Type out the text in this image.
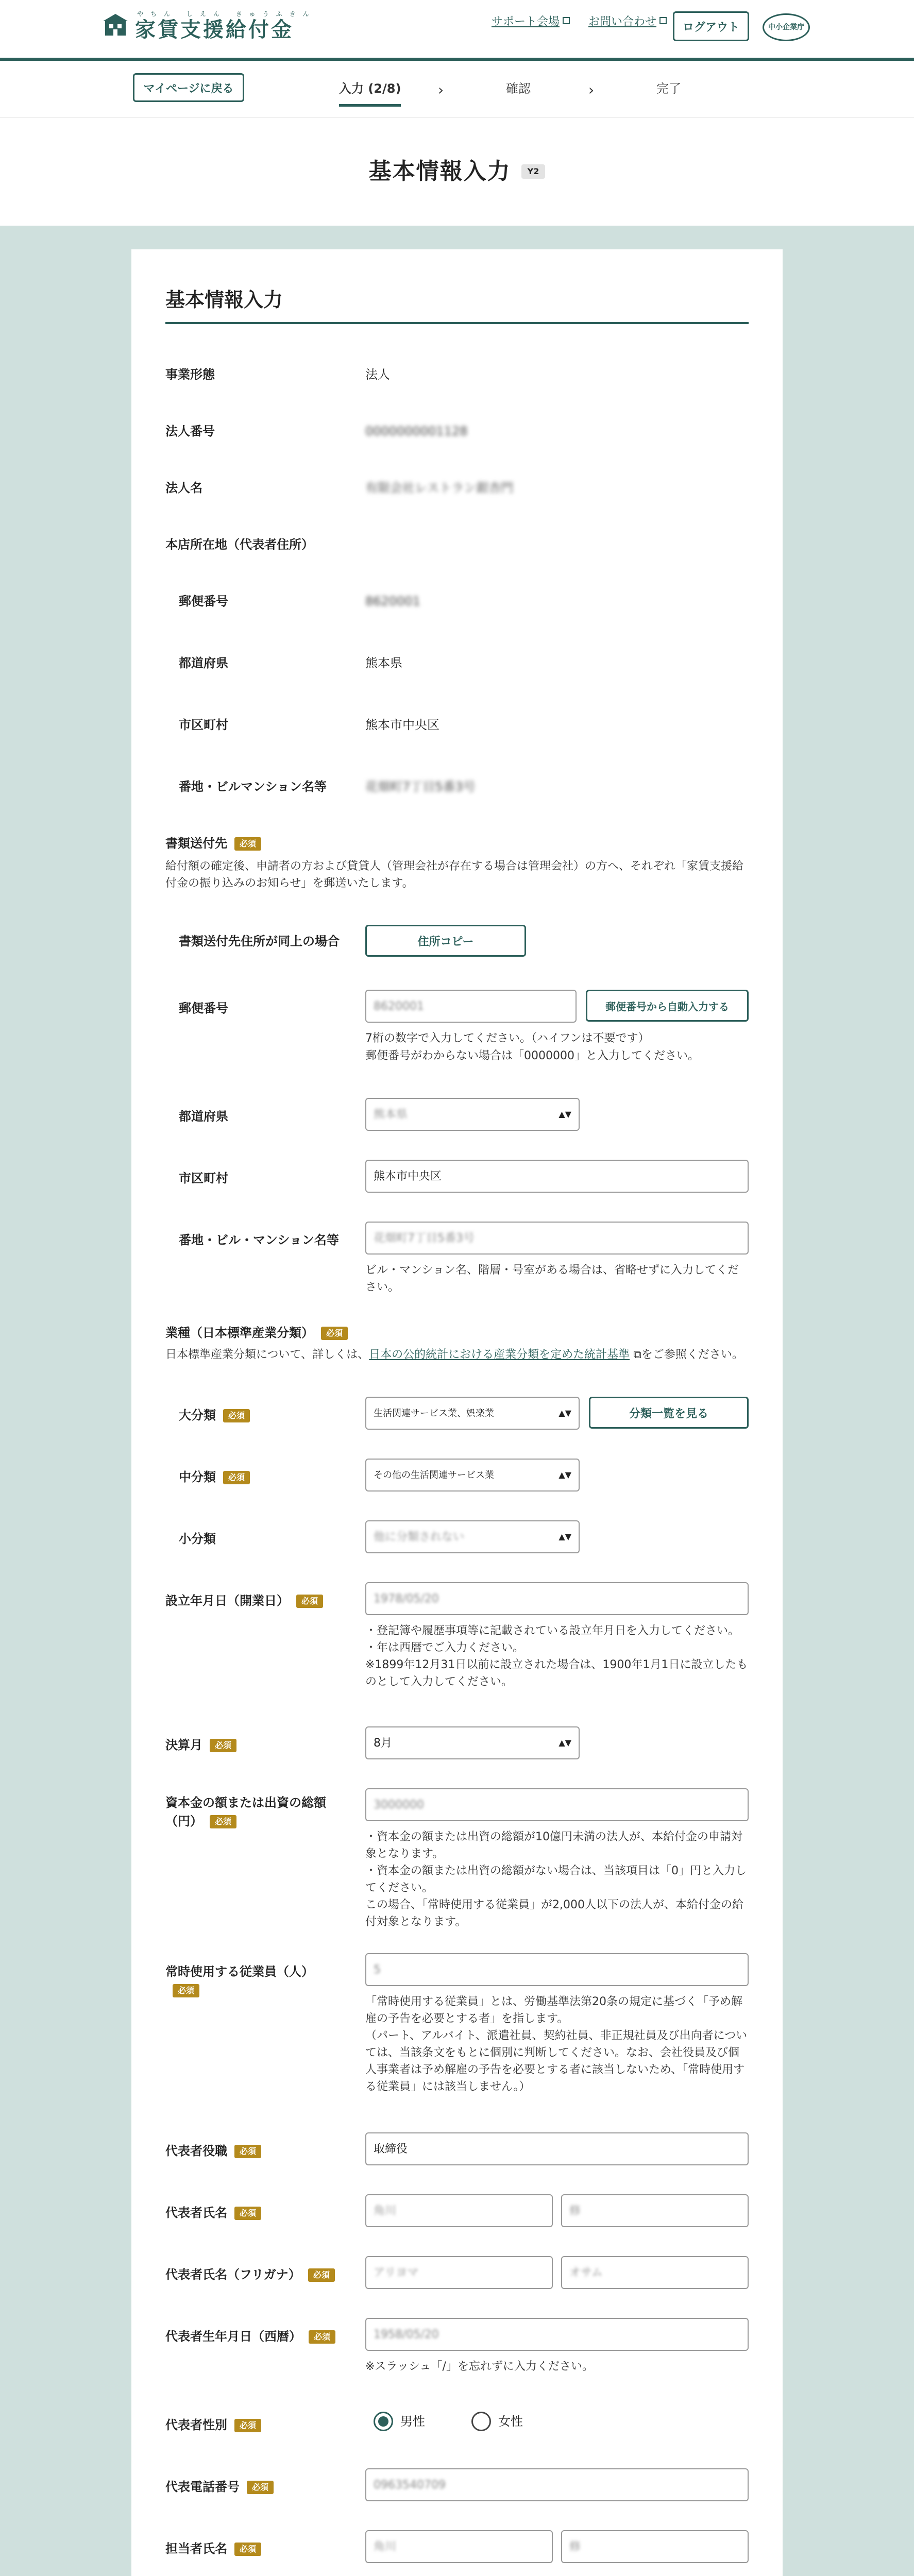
やちん しえん きゅうふきん
家賃支援給付金	サポート会場	お問い合わせ	ログアウト	中小企業庁
マイページに戻る	入力 (2/8)	›	確認	›	完了
基本情報入力	Y2
基本情報入力
事業形態	法人
法人番号	0000000001128
法人名	有限会社レストラン銀杏門
本店所在地（代表者住所）
郵便番号	8620001
都道府県	熊本県
市区町村	熊本市中央区
番地・ビルマンション名等	花畑町7丁目5番3号
書類送付先 必須
給付額の確定後、申請者の方および貸貸人（管理会社が存在する場合は管理会社）の方へ、それぞれ「家賃支援給付金の振り込みのお知らせ」を郵送いたします。
書類送付先住所が同上の場合	住所コピー
郵便番号	8620001	郵便番号から自動入力する
7桁の数字で入力してください。（ハイフンは不要です）
郵便番号がわからない場合は「0000000」と入力してください。
都道府県	熊本県	▲▼
市区町村	熊本市中央区
番地・ビル・マンション名等	花畑町7丁目5番3号
ビル・マンション名、階層・号室がある場合は、省略せずに入力してください。
業種（日本標準産業分類） 必須
日本標準産業分類について、詳しくは、日本の公的統計における産業分類を定めた統計基準 ⧉をご参照ください。
大分類 必須	生活関連サービス業、娯楽業	▲▼	分類一覧を見る
中分類 必須	その他の生活関連サービス業	▲▼
小分類	他に分類されない	▲▼
設立年月日（開業日） 必須	1978/05/20
・登記簿や履歴事項等に記載されている設立年月日を入力してください。
・年は西暦でご入力ください。
※1899年12月31日以前に設立された場合は、1900年1月1日に設立したものとして入力してください。
決算月 必須	8月	▲▼
資本金の額または出資の総額（円） 必須
3000000
・資本金の額または出資の総額が10億円未満の法人が、本給付金の申請対象となります。
・資本金の額または出資の総額がない場合は、当該項目は「0」円と入力してください。
この場合、「常時使用する従業員」が2,000人以下の法人が、本給付金の給付対象となります。
常時使用する従業員（人）必須
5
「常時使用する従業員」とは、労働基準法第20条の規定に基づく「予め解雇の予告を必要とする者」を指します。
（パート、アルバイト、派遣社員、契約社員、非正規社員及び出向者については、当該条文をもとに個別に判断してください。なお、会社役員及び個人事業者は予め解雇の予告を必要とする者に該当しないため、「常時使用する従業員」には該当しません。）
代表者役職 必須	取締役
代表者氏名 必須	角川	修
代表者氏名（フリガナ） 必須	アリヨマ	オサム
代表者生年月日（西暦） 必須	1958/05/20
※スラッシュ「/」を忘れずに入力ください。
代表者性別 必須	男性	女性
代表電話番号 必須	0963540709
担当者氏名 必須	角川	修
